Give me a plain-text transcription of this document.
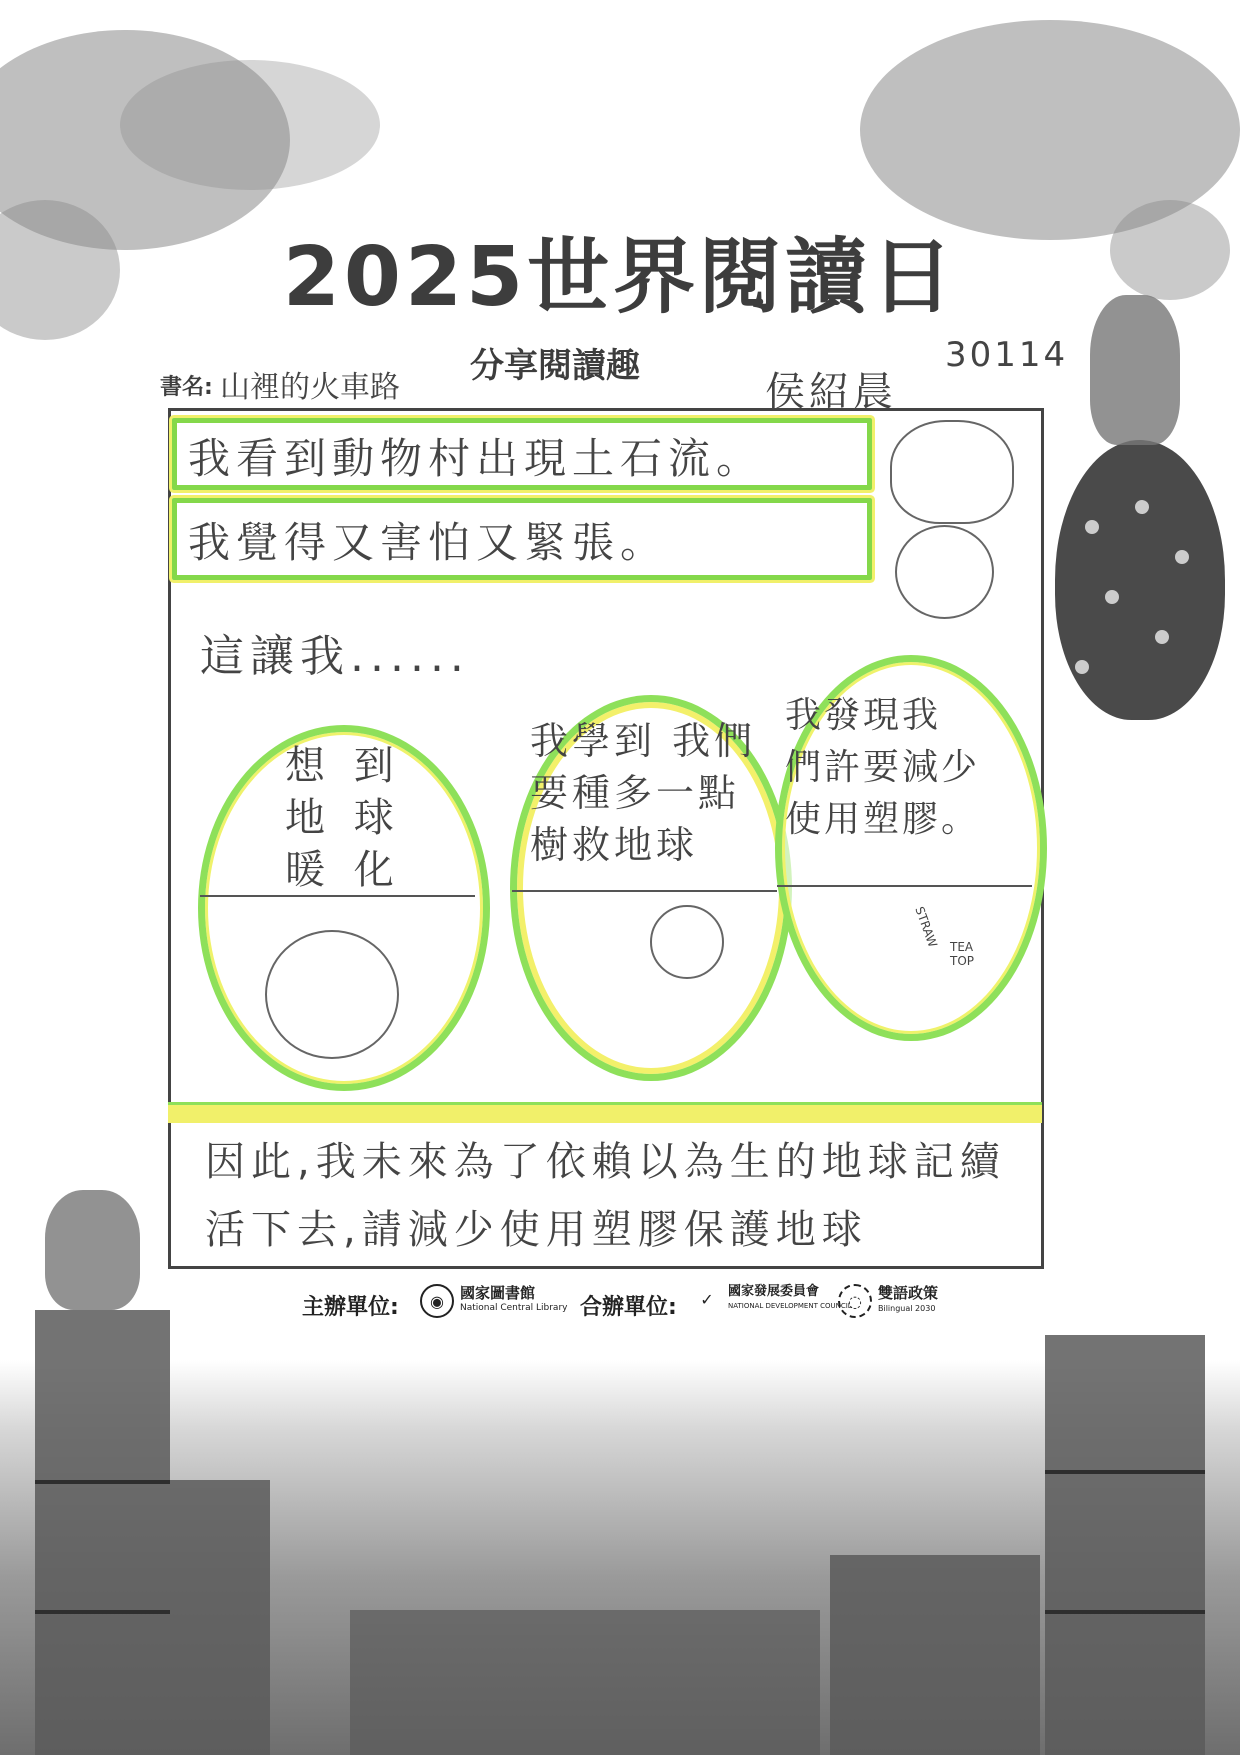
2025世界閱讀日
分享閱讀趣
書名: 山裡的火車路	侯紹晨
30114
我看到動物村出現土石流。
我覺得又害怕又緊張。
這讓我......
想 到
地 球
暖 化
我學到 我們
要種多一點
樹救地球
我發現我
們許要減少
使用塑膠。
STRAW TEA
TOP
因此,我未來為了依賴以為生的地球記續
活下去,請減少使用塑膠保護地球
主辦單位:	◉	國家圖書館
National Central Library 合辦單位:	✓	國家發展委員會
NATIONAL DEVELOPMENT COUNCIL
◌	雙語政策
Bilingual 2030
